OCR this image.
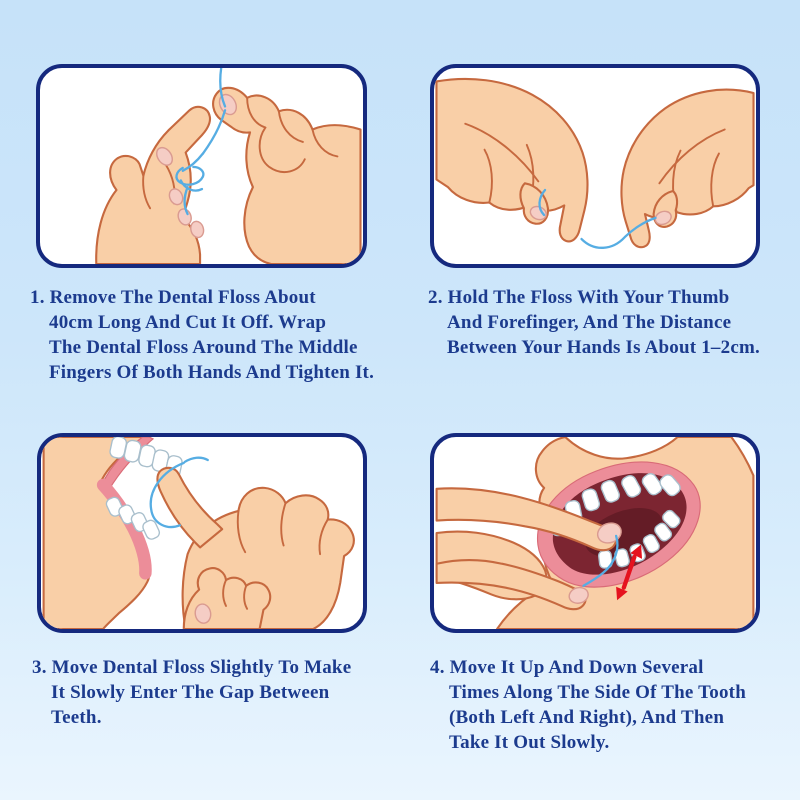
1. Remove The Dental Floss About
40cm Long And Cut It Off. Wrap
The Dental Floss Around The Middle
Fingers Of Both Hands And Tighten It.
2. Hold The Floss With Your Thumb
And Forefinger, And The Distance
Between Your Hands Is About 1–2cm.
3. Move Dental Floss Slightly To Make
It Slowly Enter The Gap Between
Teeth.
4. Move It Up And Down Several
Times Along The Side Of The Tooth
(Both Left And Right), And Then
Take It Out Slowly.
